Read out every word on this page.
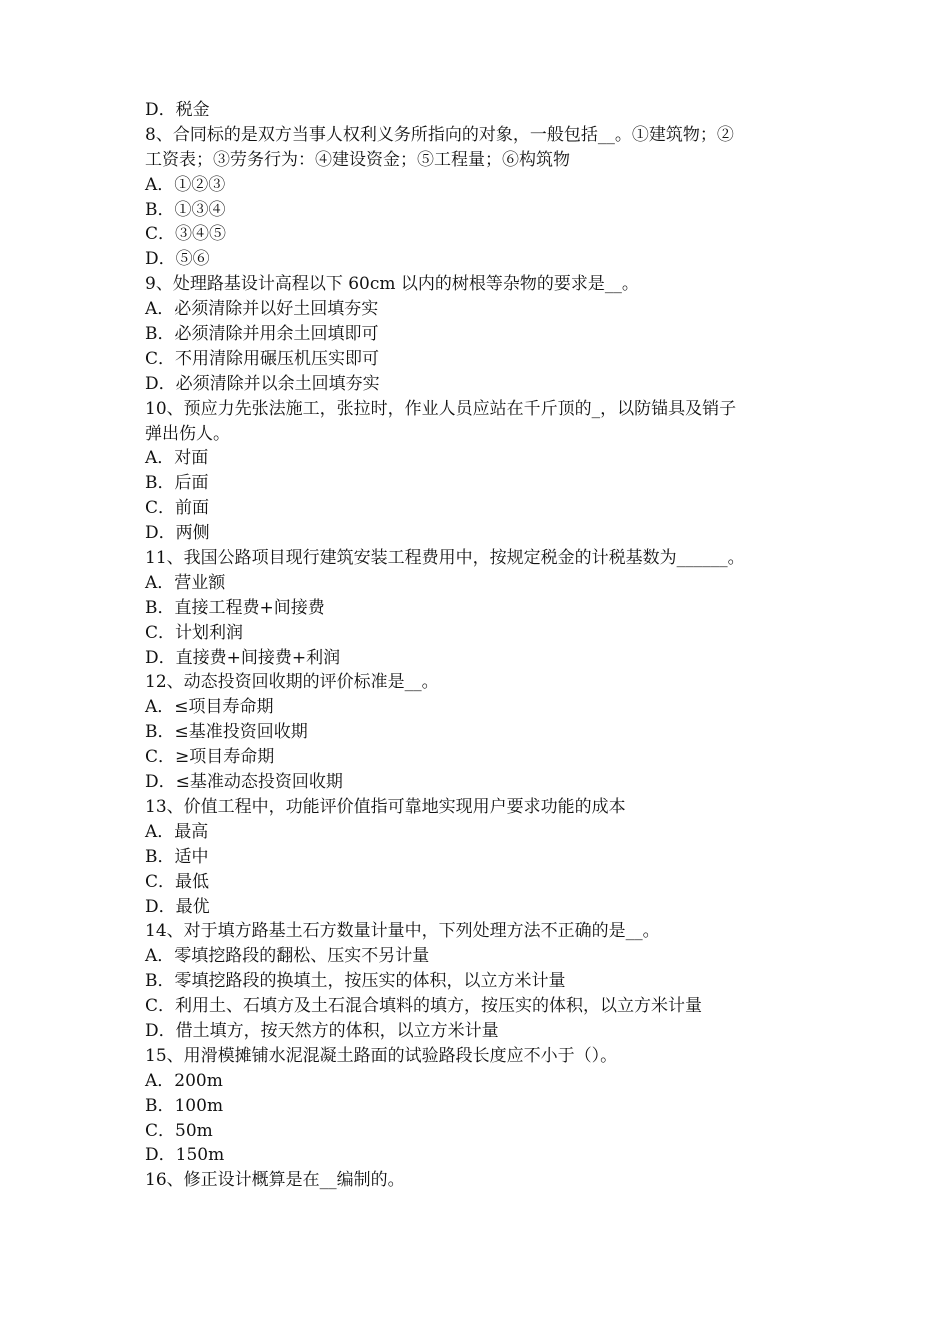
D．税金
8、合同标的是双方当事人权利义务所指向的对象，一般包括__。①建筑物；②
工资表；③劳务行为：④建设资金；⑤工程量；⑥构筑物
A．①②③
B．①③④
C．③④⑤
D．⑤⑥
9、处理路基设计高程以下 60cm 以内的树根等杂物的要求是__。
A．必须清除并以好土回填夯实
B．必须清除并用余土回填即可
C．不用清除用碾压机压实即可
D．必须清除并以余土回填夯实
10、预应力先张法施工，张拉时，作业人员应站在千斤顶的_，以防锚具及销子
弹出伤人。
A．对面
B．后面
C．前面
D．两侧
11、我国公路项目现行建筑安装工程费用中，按规定税金的计税基数为______。
A．营业额
B．直接工程费+间接费
C．计划利润
D．直接费+间接费+利润
12、动态投资回收期的评价标准是__。
A．≤项目寿命期
B．≤基准投资回收期
C．≥项目寿命期
D．≤基准动态投资回收期
13、价值工程中，功能评价值指可靠地实现用户要求功能的成本
A．最高
B．适中
C．最低
D．最优
14、对于填方路基土石方数量计量中，下列处理方法不正确的是__。
A．零填挖路段的翻松、压实不另计量
B．零填挖路段的换填土，按压实的体积，以立方米计量
C．利用土、石填方及土石混合填料的填方，按压实的体积，以立方米计量
D．借土填方，按天然方的体积，以立方米计量
15、用滑模摊铺水泥混凝土路面的试验路段长度应不小于（）。
A．200m
B．100m
C．50m
D．150m
16、修正设计概算是在__编制的。
